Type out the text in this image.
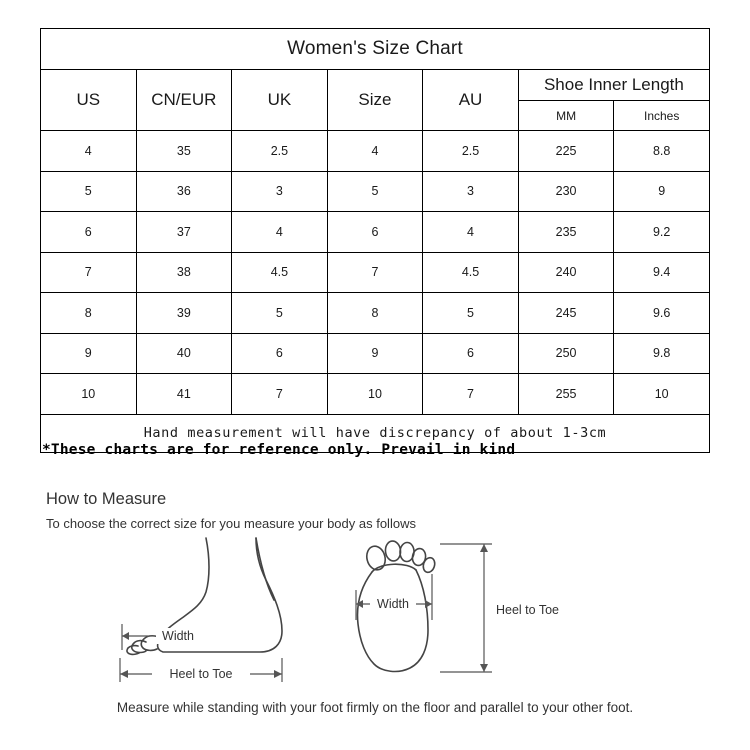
Women's Size Chart						
US	CN/EUR	UK	Size	AU	Shoe Inner Length	
					MM	Inches
4	35	2.5	4	2.5	225	8.8
5	36	3	5	3	230	9
6	37	4	6	4	235	9.2
7	38	4.5	7	4.5	240	9.4
8	39	5	8	5	245	9.6
9	40	6	9	6	250	9.8
10	41	7	10	7	255	10
Hand measurement will have discrepancy of about 1-3cm						
*These charts are for reference only. Prevail in kind
How to Measure
To choose the correct size for you measure your body as follows
Width
Heel to Toe
Width	Heel to Toe
Measure while standing with your foot firmly on the floor and parallel to your other foot.
